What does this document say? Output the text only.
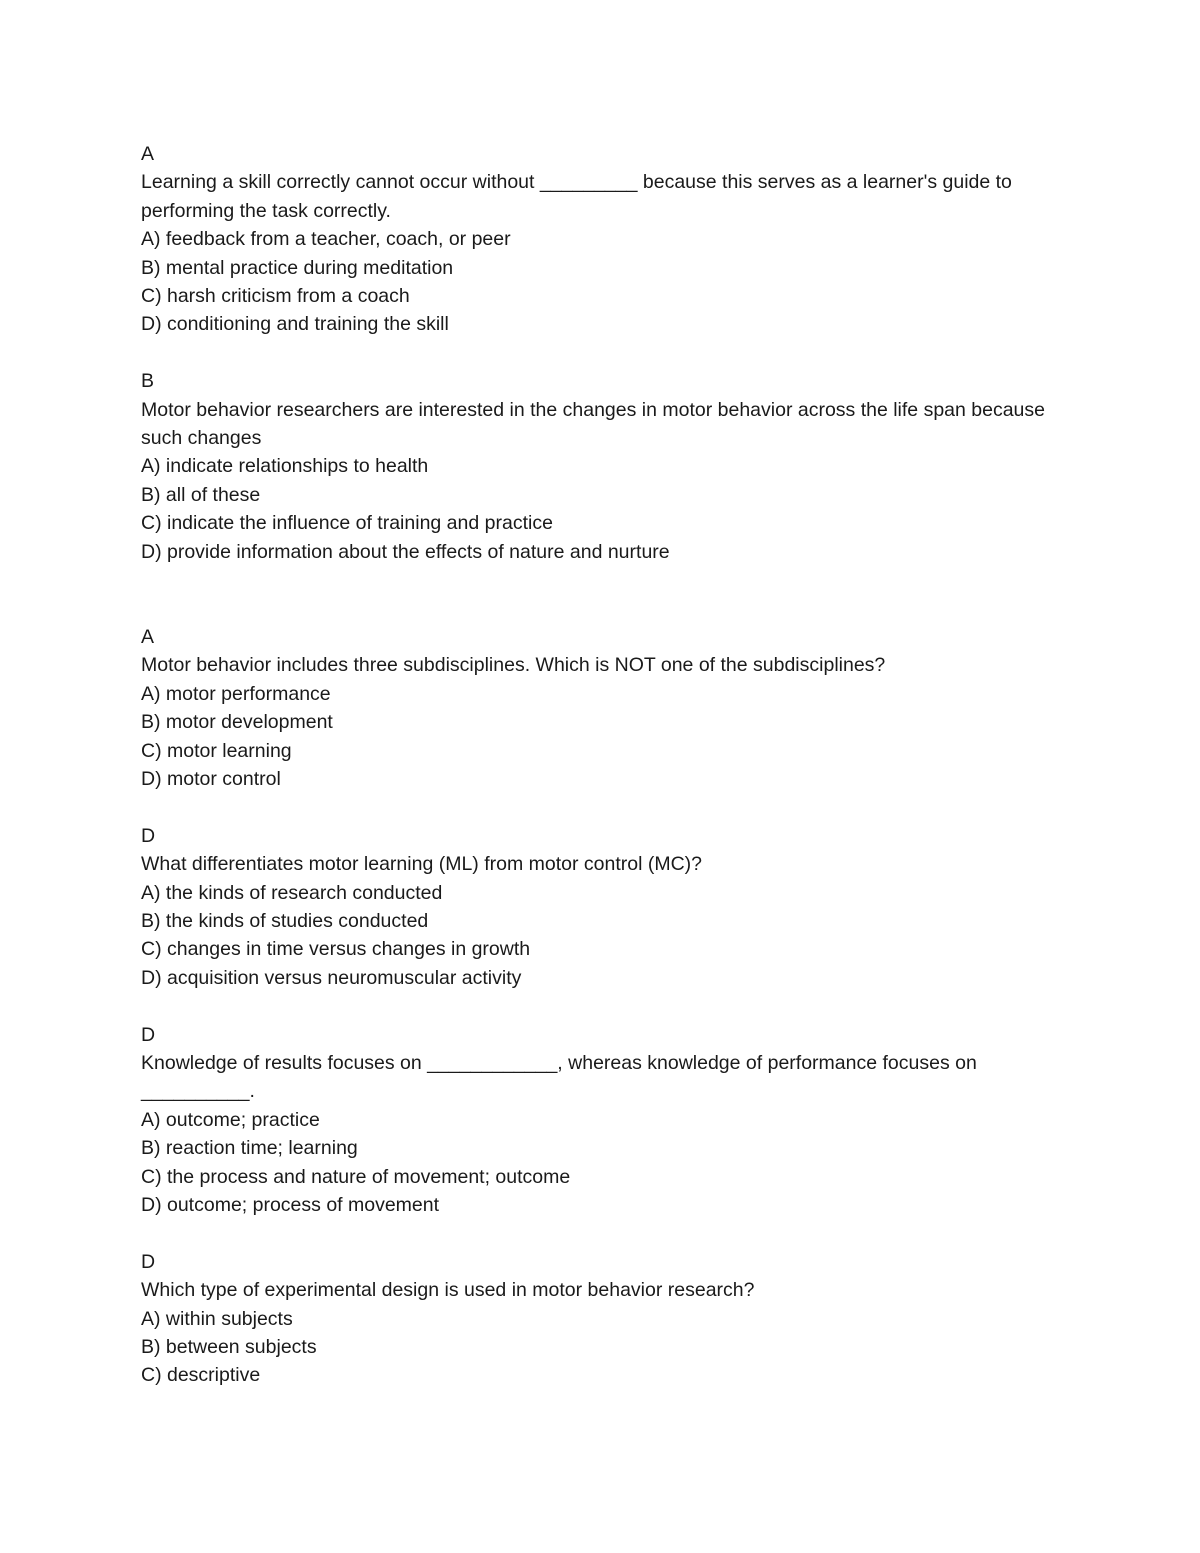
A
Learning a skill correctly cannot occur without _________ because this serves as a learner's guide to performing the task correctly.
A) feedback from a teacher, coach, or peer
B) mental practice during meditation
C) harsh criticism from a coach
D) conditioning and training the skill
B
Motor behavior researchers are interested in the changes in motor behavior across the life span because such changes
A) indicate relationships to health
B) all of these
C) indicate the influence of training and practice
D) provide information about the effects of nature and nurture
A
Motor behavior includes three subdisciplines. Which is NOT one of the subdisciplines?
A) motor performance
B) motor development
C) motor learning
D) motor control
D
What differentiates motor learning (ML) from motor control (MC)?
A) the kinds of research conducted
B) the kinds of studies conducted
C) changes in time versus changes in growth
D) acquisition versus neuromuscular activity
D
Knowledge of results focuses on ____________, whereas knowledge of performance focuses on __________.
A) outcome; practice
B) reaction time; learning
C) the process and nature of movement; outcome
D) outcome; process of movement
D
Which type of experimental design is used in motor behavior research?
A) within subjects
B) between subjects
C) descriptive
